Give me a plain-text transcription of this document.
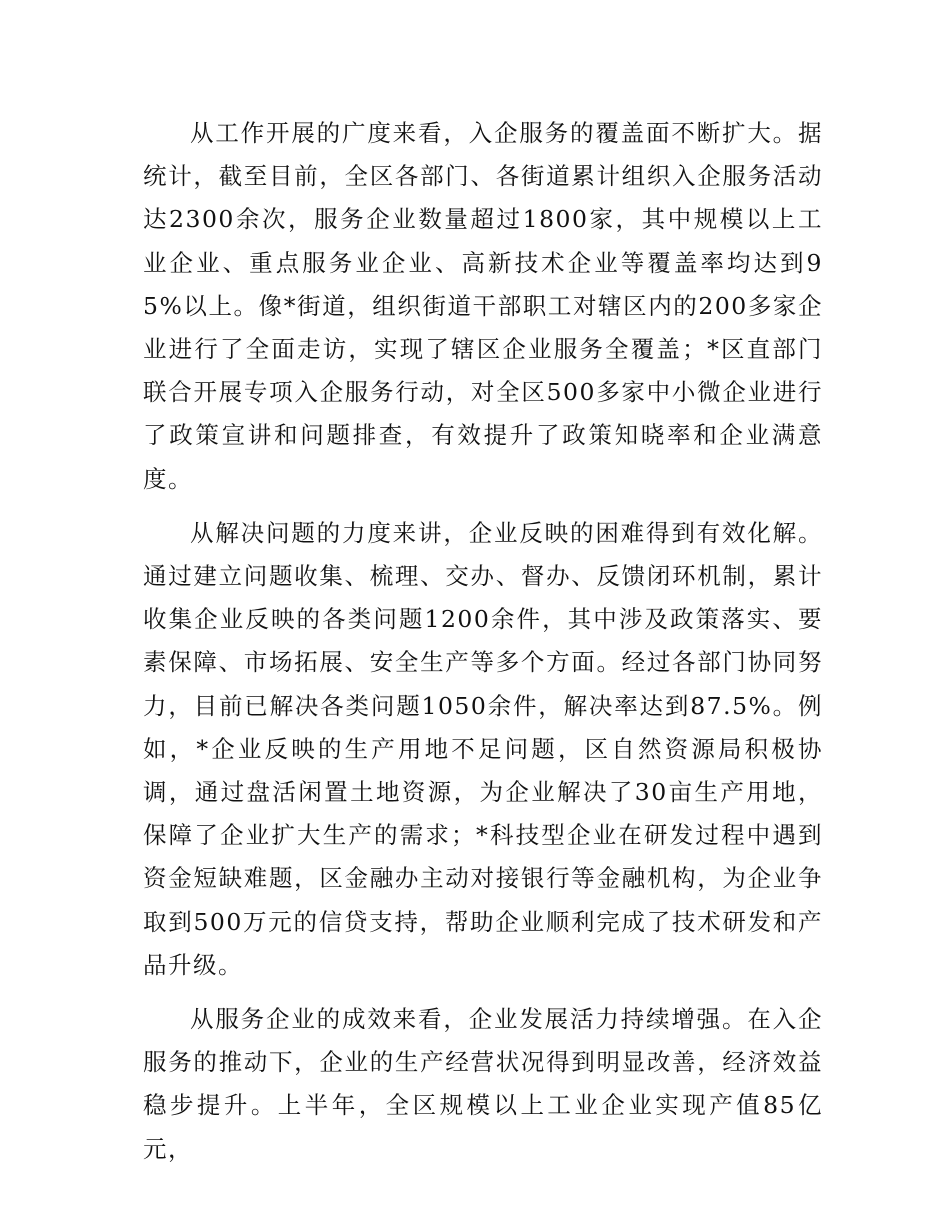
从工作开展的广度来看，入企服务的覆盖面不断扩大。据统计，截至目前，全区各部门、各街道累计组织入企服务活动达2300余次，服务企业数量超过1800家，其中规模以上工业企业、重点服务业企业、高新技术企业等覆盖率均达到95%以上。像*街道，组织街道干部职工对辖区内的200多家企业进行了全面走访，实现了辖区企业服务全覆盖；*区直部门联合开展专项入企服务行动，对全区500多家中小微企业进行了政策宣讲和问题排查，有效提升了政策知晓率和企业满意度。

从解决问题的力度来讲，企业反映的困难得到有效化解。通过建立问题收集、梳理、交办、督办、反馈闭环机制，累计收集企业反映的各类问题1200余件，其中涉及政策落实、要素保障、市场拓展、安全生产等多个方面。经过各部门协同努力，目前已解决各类问题1050余件，解决率达到87.5%。例如，*企业反映的生产用地不足问题，区自然资源局积极协调，通过盘活闲置土地资源，为企业解决了30亩生产用地，保障了企业扩大生产的需求；*科技型企业在研发过程中遇到资金短缺难题，区金融办主动对接银行等金融机构，为企业争取到500万元的信贷支持，帮助企业顺利完成了技术研发和产品升级。

从服务企业的成效来看，企业发展活力持续增强。在入企服务的推动下，企业的生产经营状况得到明显改善，经济效益稳步提升。上半年，全区规模以上工业企业实现产值85亿元，
